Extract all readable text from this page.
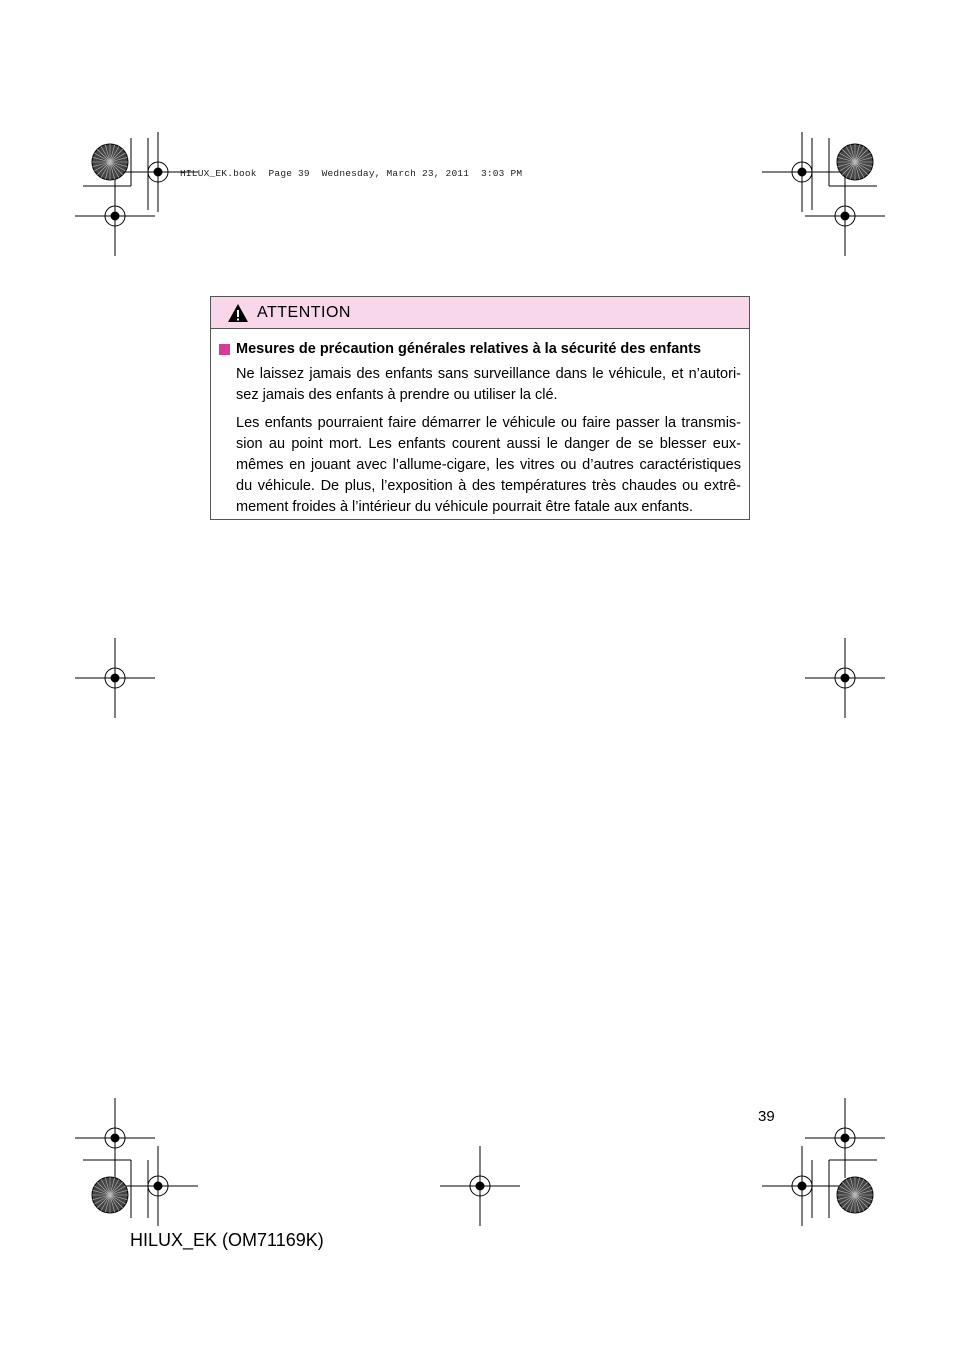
HILUX_EK.book  Page 39  Wednesday, March 23, 2011  3:03 PM
ATTENTION
Mesures de précaution générales relatives à la sécurité des enfants

Ne laissez jamais des enfants sans surveillance dans le véhicule, et n’autori-sez jamais des enfants à prendre ou utiliser la clé.

Les enfants pourraient faire démarrer le véhicule ou faire passer la transmis-sion au point mort. Les enfants courent aussi le danger de se blesser eux-mêmes en jouant avec l’allume-cigare, les vitres ou d’autres caractéristiques du véhicule. De plus, l’exposition à des températures très chaudes ou extrê-mement froides à l’intérieur du véhicule pourrait être fatale aux enfants.

39
HILUX_EK (OM71169K)
